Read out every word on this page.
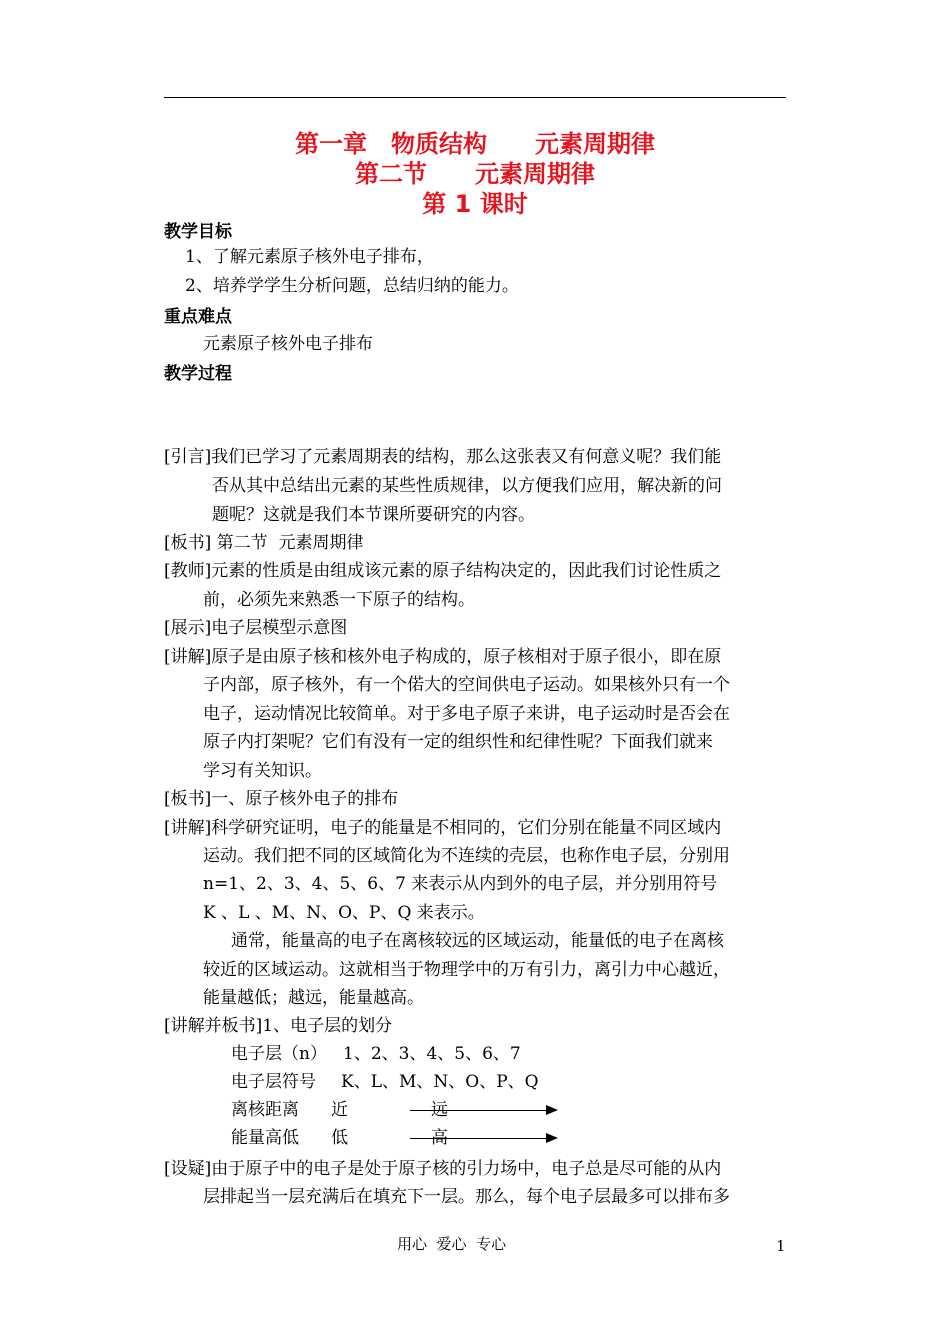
第一章　物质结构　　元素周期律
第二节　　元素周期律
第 1 课时
教学目标
1、了解元素原子核外电子排布，
2、培养学学生分析问题，总结归纳的能力。
重点难点
元素原子核外电子排布
教学过程
[引言]我们已学习了元素周期表的结构，那么这张表又有何意义呢？我们能
否从其中总结出元素的某些性质规律，以方便我们应用，解决新的问
题呢？这就是我们本节课所要研究的内容。
[板书] 第二节  元素周期律
[教师]元素的性质是由组成该元素的原子结构决定的，因此我们讨论性质之
前，必须先来熟悉一下原子的结构。
[展示]电子层模型示意图
[讲解]原子是由原子核和核外电子构成的，原子核相对于原子很小，即在原
子内部，原子核外，有一个偌大的空间供电子运动。如果核外只有一个
电子，运动情况比较简单。对于多电子原子来讲，电子运动时是否会在
原子内打架呢？它们有没有一定的组织性和纪律性呢？下面我们就来
学习有关知识。
[板书]一、原子核外电子的排布
[讲解]科学研究证明，电子的能量是不相同的，它们分别在能量不同区域内
运动。我们把不同的区域简化为不连续的壳层，也称作电子层，分别用
n=1、2、3、4、5、6、7 来表示从内到外的电子层，并分别用符号
K 、L 、M、N、O、P、Q 来表示。
通常，能量高的电子在离核较远的区域运动，能量低的电子在离核
较近的区域运动。这就相当于物理学中的万有引力，离引力中心越近，
能量越低；越远，能量越高。
[讲解并板书]1、电子层的划分
电子层（n） 1、2、3、4、5、6、7
电子层符号 K、L、M、N、O、P、Q
离核距离 近	远
能量高低 低	高
[设疑]由于原子中的电子是处于原子核的引力场中，电子总是尽可能的从内
层排起当一层充满后在填充下一层。那么，每个电子层最多可以排布多
用心  爱心  专心	1
